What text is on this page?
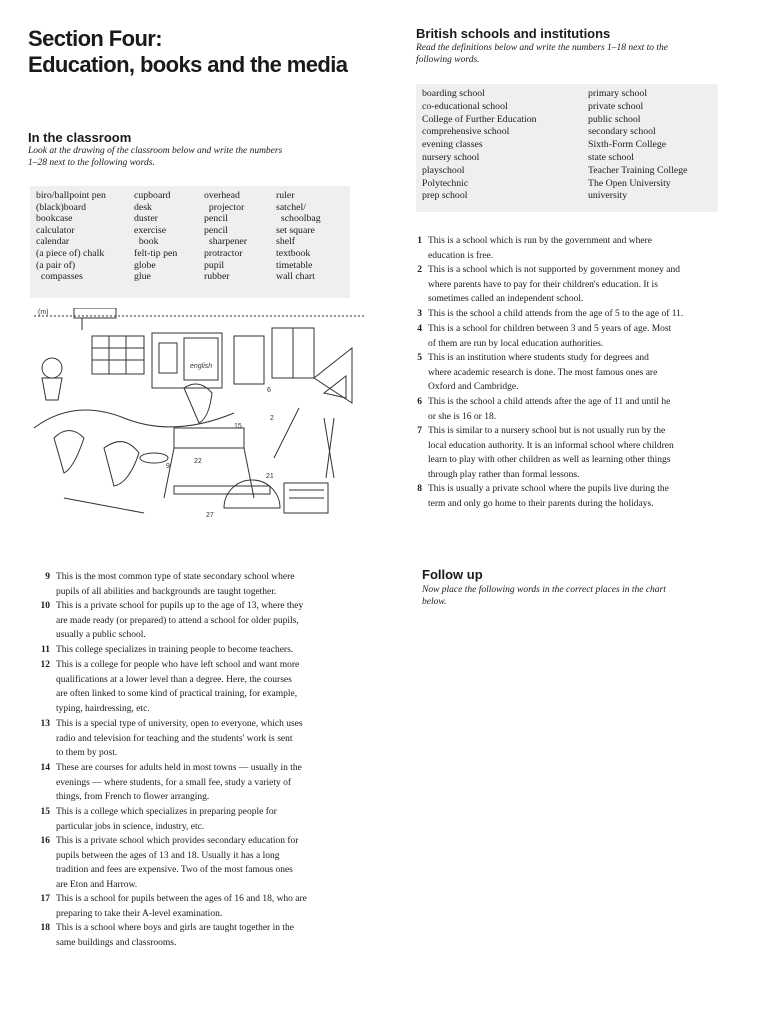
Section Four:
Education, books and the media
In the classroom
Look at the drawing of the classroom below and write the numbers
1–28 next to the following words.
biro/ballpoint pen
(black)board
bookcase
calculator
calendar
(a piece of) chalk
(a pair of)
compasses
cupboard
desk
duster
exercise
book
felt-tip pen
globe
glue
overhead
projector
pencil
pencil
sharpener
protractor
pupil
rubber
ruler
satchel/
schoolbag
set square
shelf
textbook
timetable
wall chart
(m)
6
9
2
15
21
22
27
english
9 This is the most common type of state secondary school where
pupils of all abilities and backgrounds are taught together.
10 This is a private school for pupils up to the age of 13, where they
are made ready (or prepared) to attend a school for older pupils,
usually a public school.
11 This college specializes in training people to become teachers.
12 This is a college for people who have left school and want more
qualifications at a lower level than a degree. Here, the courses
are often linked to some kind of practical training, for example,
typing, hairdressing, etc.
13 This is a special type of university, open to everyone, which uses
radio and television for teaching and the students' work is sent
to them by post.
14 These are courses for adults held in most towns — usually in the
evenings — where students, for a small fee, study a variety of
things, from French to flower arranging.
15 This is a college which specializes in preparing people for
particular jobs in science, industry, etc.
16 This is a private school which provides secondary education for
pupils between the ages of 13 and 18. Usually it has a long
tradition and fees are expensive. Two of the most famous ones
are Eton and Harrow.
17 This is a school for pupils between the ages of 16 and 18, who are
preparing to take their A-level examination.
18 This is a school where boys and girls are taught together in the
same buildings and classrooms.
British schools and institutions
Read the definitions below and write the numbers 1–18 next to the
following words.
boarding school
co-educational school
College of Further Education
comprehensive school
evening classes
nursery school
playschool
Polytechnic
prep school
primary school
private school
public school
secondary school
Sixth-Form College
state school
Teacher Training College
The Open University
university
1 This is a school which is run by the government and where
education is free.
2 This is a school which is not supported by government money and
where parents have to pay for their children's education. It is
sometimes called an independent school.
3 This is the school a child attends from the age of 5 to the age of 11.
4 This is a school for children between 3 and 5 years of age. Most
of them are run by local education authorities.
5 This is an institution where students study for degrees and
where academic research is done. The most famous ones are
Oxford and Cambridge.
6 This is the school a child attends after the age of 11 and until he
or she is 16 or 18.
7 This is similar to a nursery school but is not usually run by the
local education authority. It is an informal school where children
learn to play with other children as well as learning other things
through play rather than formal lessons.
8 This is usually a private school where the pupils live during the
term and only go home to their parents during the holidays.
Follow up
Now place the following words in the correct places in the chart
below.
